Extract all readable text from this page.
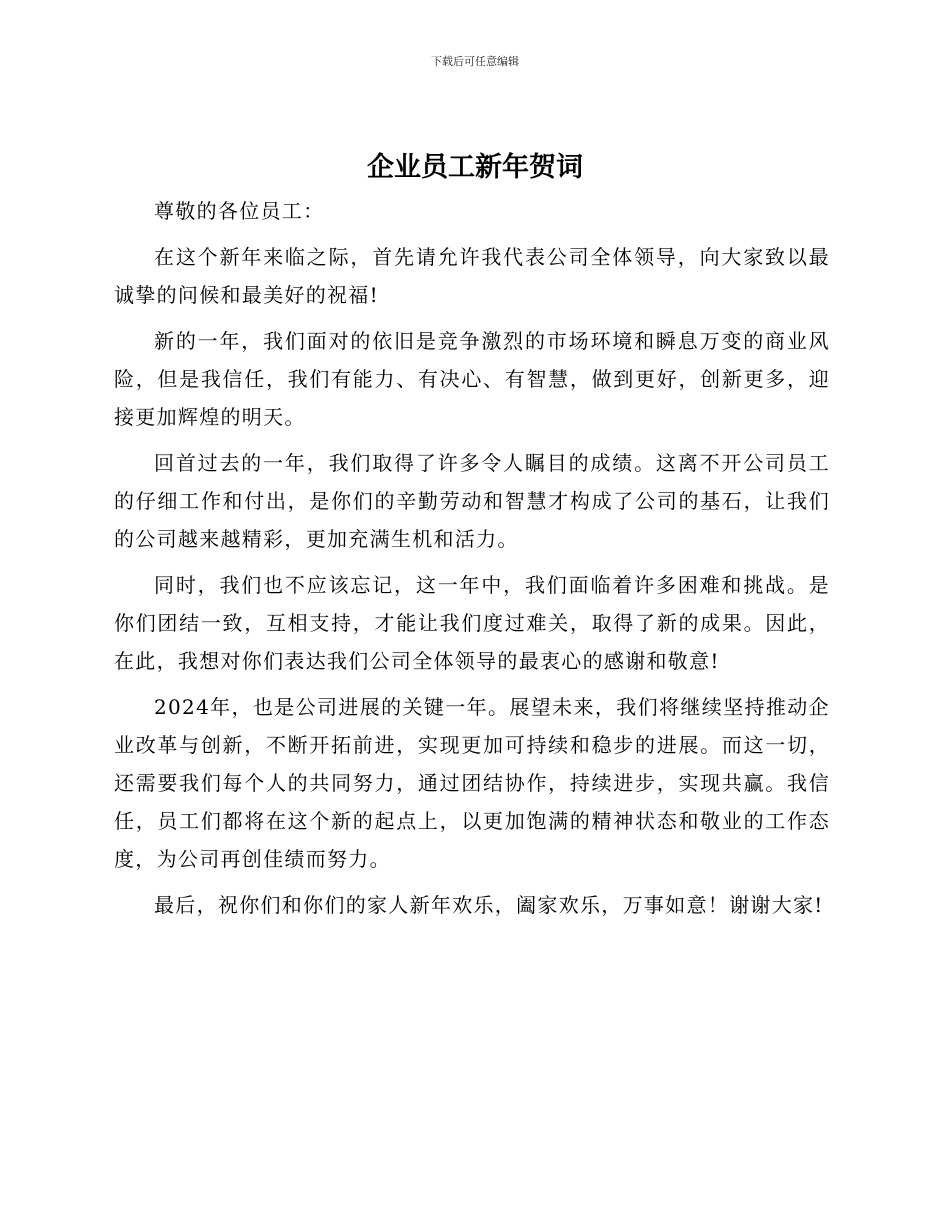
下载后可任意编辑
企业员工新年贺词

尊敬的各位员工：

在这个新年来临之际，首先请允许我代表公司全体领导，向大家致以最诚挚的问候和最美好的祝福!

新的一年，我们面对的依旧是竞争激烈的市场环境和瞬息万变的商业风险，但是我信任，我们有能力、有决心、有智慧，做到更好，创新更多，迎接更加辉煌的明天。

回首过去的一年，我们取得了许多令人瞩目的成绩。这离不开公司员工的仔细工作和付出，是你们的辛勤劳动和智慧才构成了公司的基石，让我们的公司越来越精彩，更加充满生机和活力。

同时，我们也不应该忘记，这一年中，我们面临着许多困难和挑战。是你们团结一致，互相支持，才能让我们度过难关，取得了新的成果。因此，在此，我想对你们表达我们公司全体领导的最衷心的感谢和敬意!

2024年，也是公司进展的关键一年。展望未来，我们将继续坚持推动企业改革与创新，不断开拓前进，实现更加可持续和稳步的进展。而这一切，还需要我们每个人的共同努力，通过团结协作，持续进步，实现共赢。我信任，员工们都将在这个新的起点上，以更加饱满的精神状态和敬业的工作态度，为公司再创佳绩而努力。

最后，祝你们和你们的家人新年欢乐，阖家欢乐，万事如意！谢谢大家!
